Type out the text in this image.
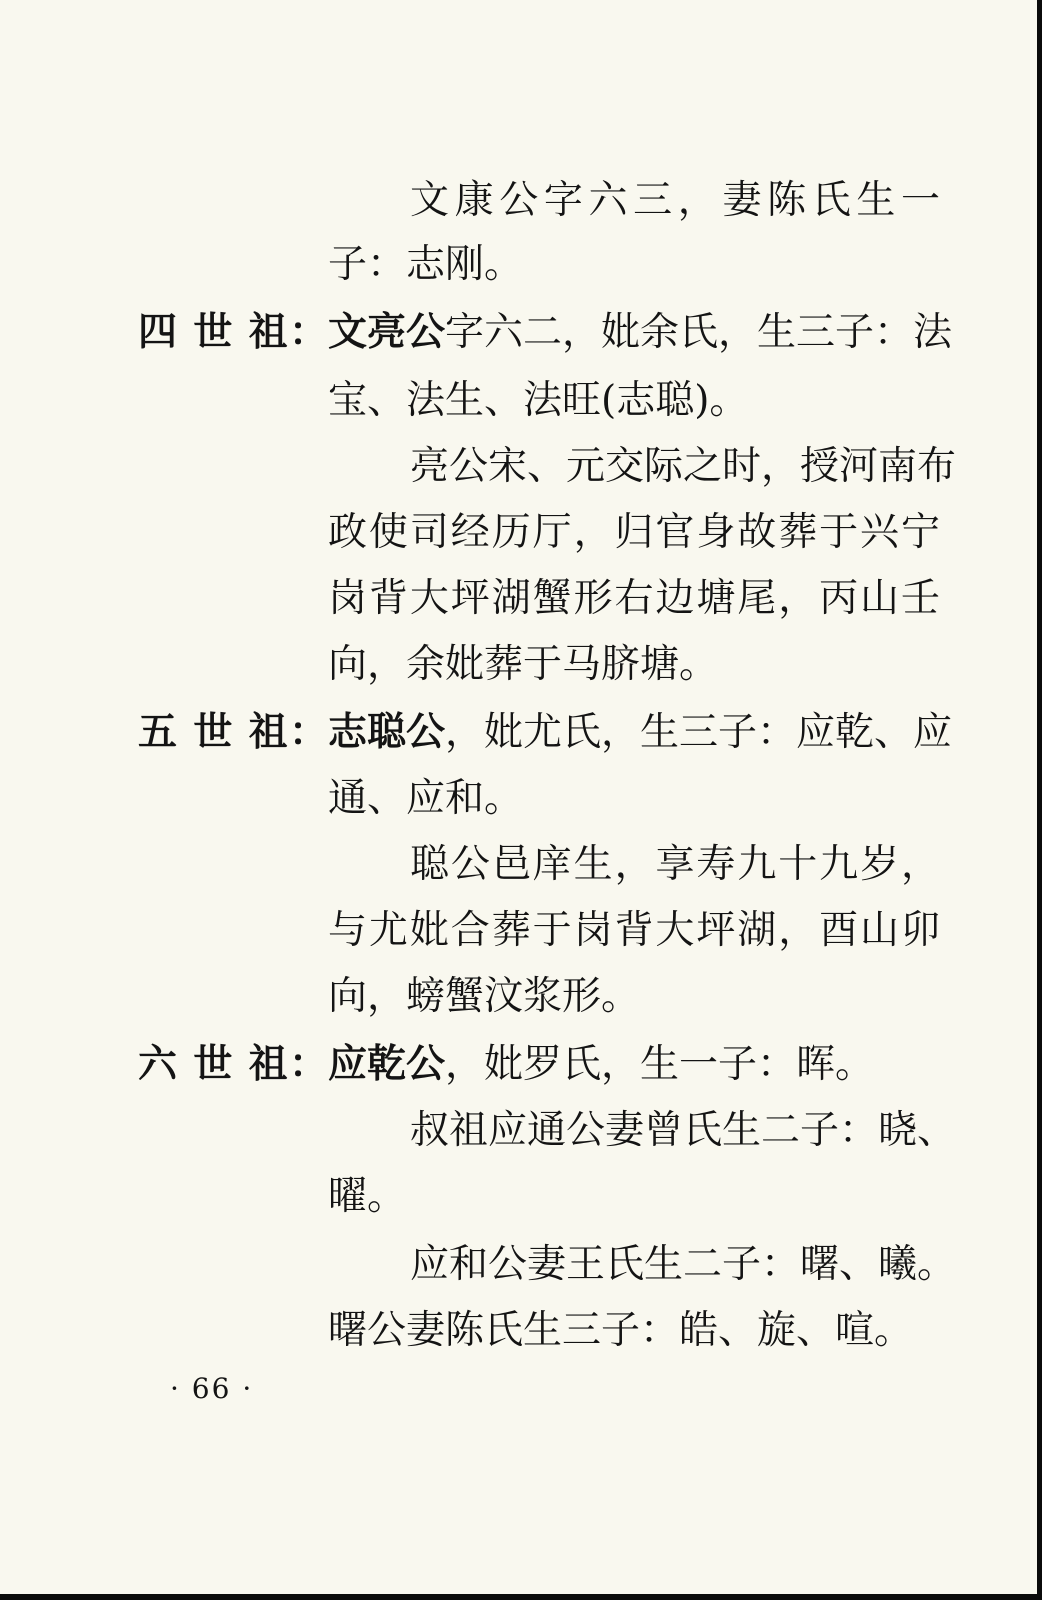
文康公字六三，妻陈氏生一
子：志刚。
四 世 祖： 文亮公字六二，妣余氏，生三子：法
宝、法生、法旺(志聪)。
亮公宋、元交际之时，授河南布
政使司经历厅，归官身故葬于兴宁
岗背大坪湖蟹形右边塘尾，丙山壬
向，余妣葬于马脐塘。
五 世 祖： 志聪公，妣尤氏，生三子：应乾、应
通、应和。
聪公邑庠生，享寿九十九岁，
与尤妣合葬于岗背大坪湖，酉山卯
向，螃蟹汶浆形。
六 世 祖： 应乾公，妣罗氏，生一子：晖。
叔祖应通公妻曾氏生二子：晓、
曜。
应和公妻王氏生二子：曙、曦。
曙公妻陈氏生三子：皓、旋、喧。
· 66 ·
